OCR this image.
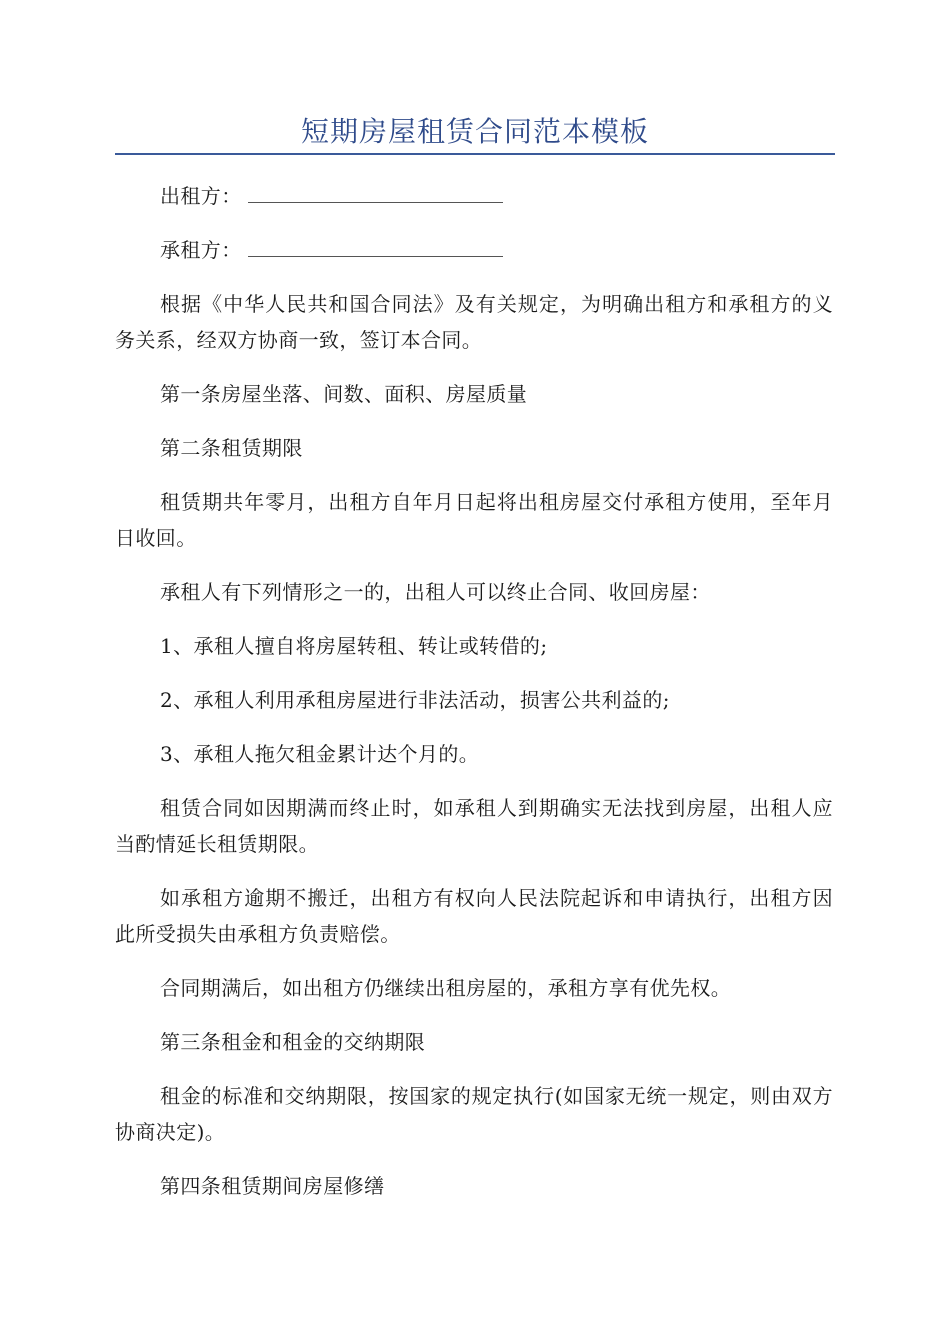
短期房屋租赁合同范本模板

出租方：

承租方：

根据《中华人民共和国合同法》及有关规定，为明确出租方和承租方的义务关系，经双方协商一致，签订本合同。

第一条房屋坐落、间数、面积、房屋质量

第二条租赁期限

租赁期共年零月，出租方自年月日起将出租房屋交付承租方使用，至年月日收回。

承租人有下列情形之一的，出租人可以终止合同、收回房屋：

1、承租人擅自将房屋转租、转让或转借的;

2、承租人利用承租房屋进行非法活动，损害公共利益的;

3、承租人拖欠租金累计达个月的。

租赁合同如因期满而终止时，如承租人到期确实无法找到房屋，出租人应当酌情延长租赁期限。

如承租方逾期不搬迁，出租方有权向人民法院起诉和申请执行，出租方因此所受损失由承租方负责赔偿。

合同期满后，如出租方仍继续出租房屋的，承租方享有优先权。

第三条租金和租金的交纳期限

租金的标准和交纳期限，按国家的规定执行(如国家无统一规定，则由双方协商决定)。

第四条租赁期间房屋修缮
